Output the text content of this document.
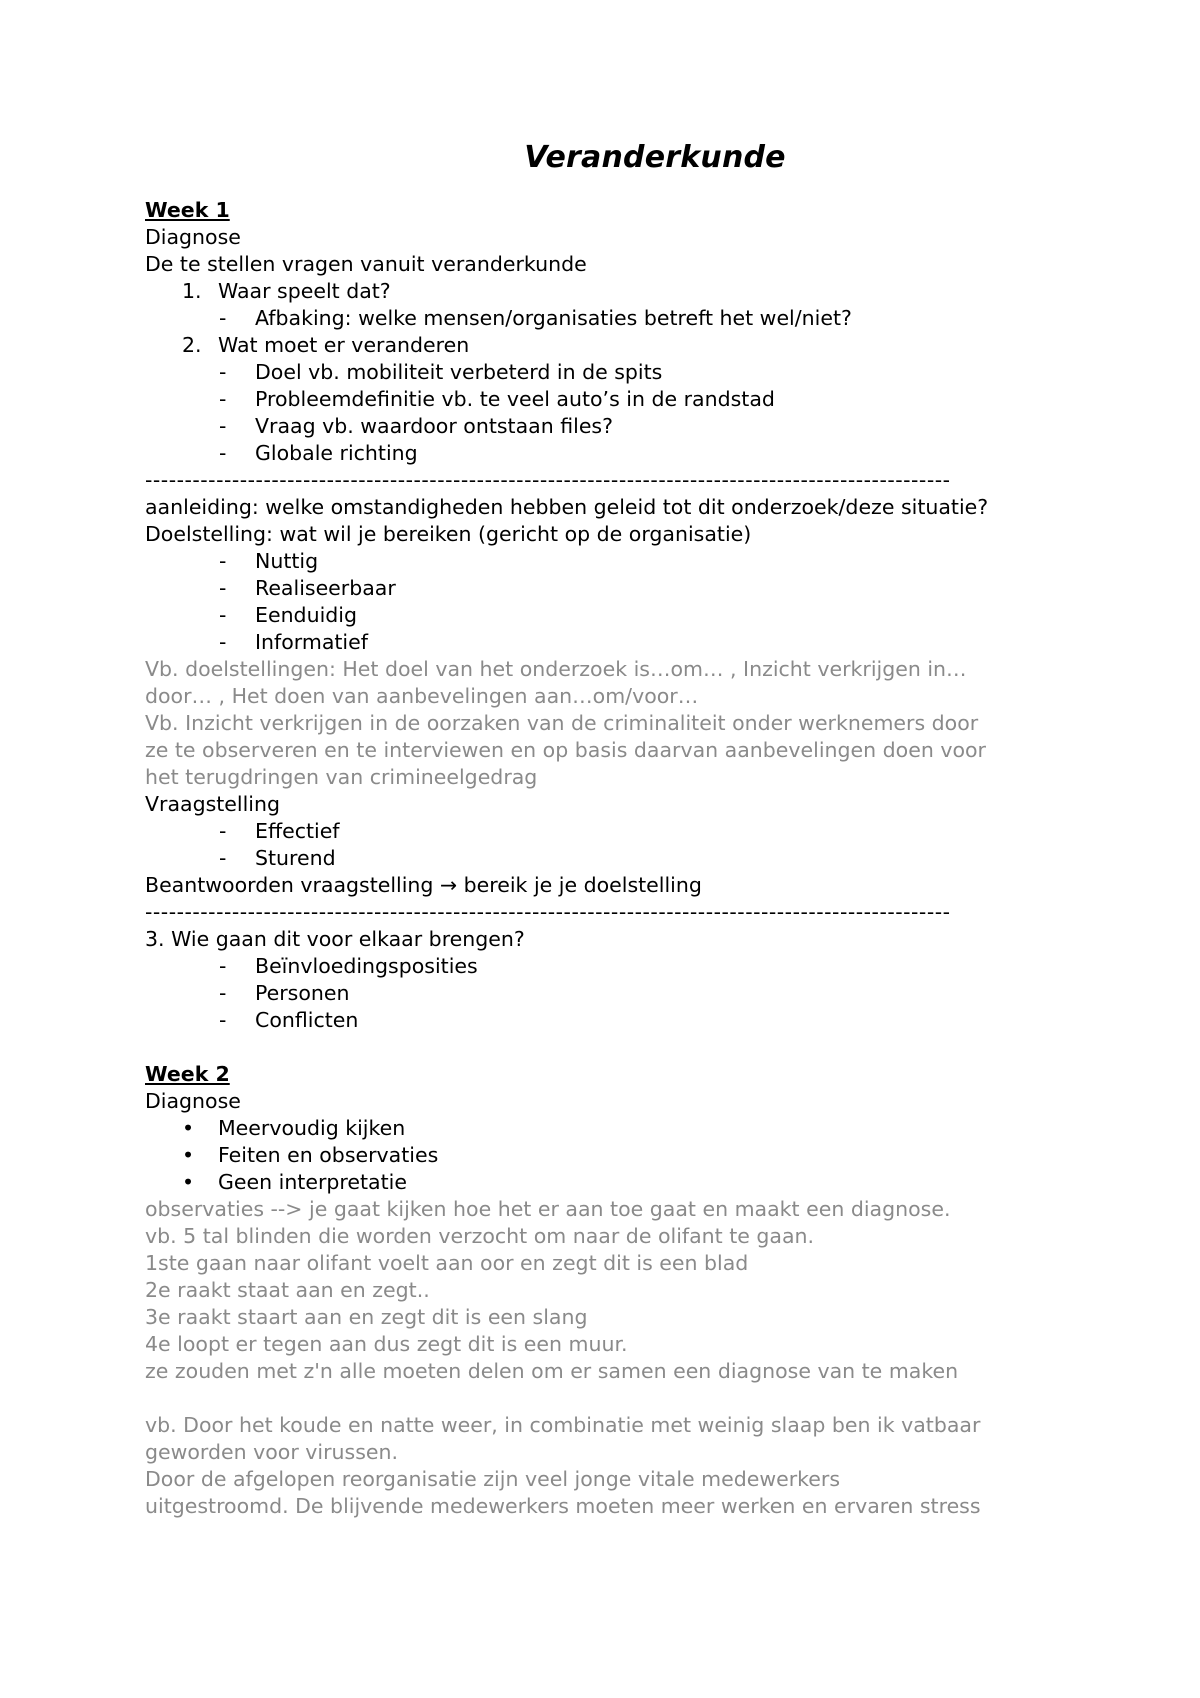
Veranderkunde
Week 1
Diagnose
De te stellen vragen vanuit veranderkunde
1. Waar speelt dat?
- Afbaking: welke mensen/organisaties betreft het wel/niet?
2. Wat moet er veranderen
- Doel vb. mobiliteit verbeterd in de spits
- Probleemdefinitie vb. te veel auto’s in de randstad
- Vraag vb. waardoor ontstaan files?
- Globale richting
------------------------------------------------------------------------------------------------------
aanleiding: welke omstandigheden hebben geleid tot dit onderzoek/deze situatie?
Doelstelling: wat wil je bereiken (gericht op de organisatie)
- Nuttig
- Realiseerbaar
- Eenduidig
- Informatief
Vb. doelstellingen: Het doel van het onderzoek is…om… , Inzicht verkrijgen in…
door… , Het doen van aanbevelingen aan…om/voor…
Vb. Inzicht verkrijgen in de oorzaken van de criminaliteit onder werknemers door
ze te observeren en te interviewen en op basis daarvan aanbevelingen doen voor
het terugdringen van crimineelgedrag
Vraagstelling
- Effectief
- Sturend
Beantwoorden vraagstelling → bereik je je doelstelling
------------------------------------------------------------------------------------------------------
3. Wie gaan dit voor elkaar brengen?
- Beïnvloedingsposities
- Personen
- Conflicten
Week 2
Diagnose
• Meervoudig kijken
• Feiten en observaties
• Geen interpretatie
observaties --> je gaat kijken hoe het er aan toe gaat en maakt een diagnose.
vb. 5 tal blinden die worden verzocht om naar de olifant te gaan.
1ste gaan naar olifant voelt aan oor en zegt dit is een blad
2e raakt staat aan en zegt..
3e raakt staart aan en zegt dit is een slang
4e loopt er tegen aan dus zegt dit is een muur.
ze zouden met z'n alle moeten delen om er samen een diagnose van te maken
vb. Door het koude en natte weer, in combinatie met weinig slaap ben ik vatbaar
geworden voor virussen.
Door de afgelopen reorganisatie zijn veel jonge vitale medewerkers
uitgestroomd. De blijvende medewerkers moeten meer werken en ervaren stress
